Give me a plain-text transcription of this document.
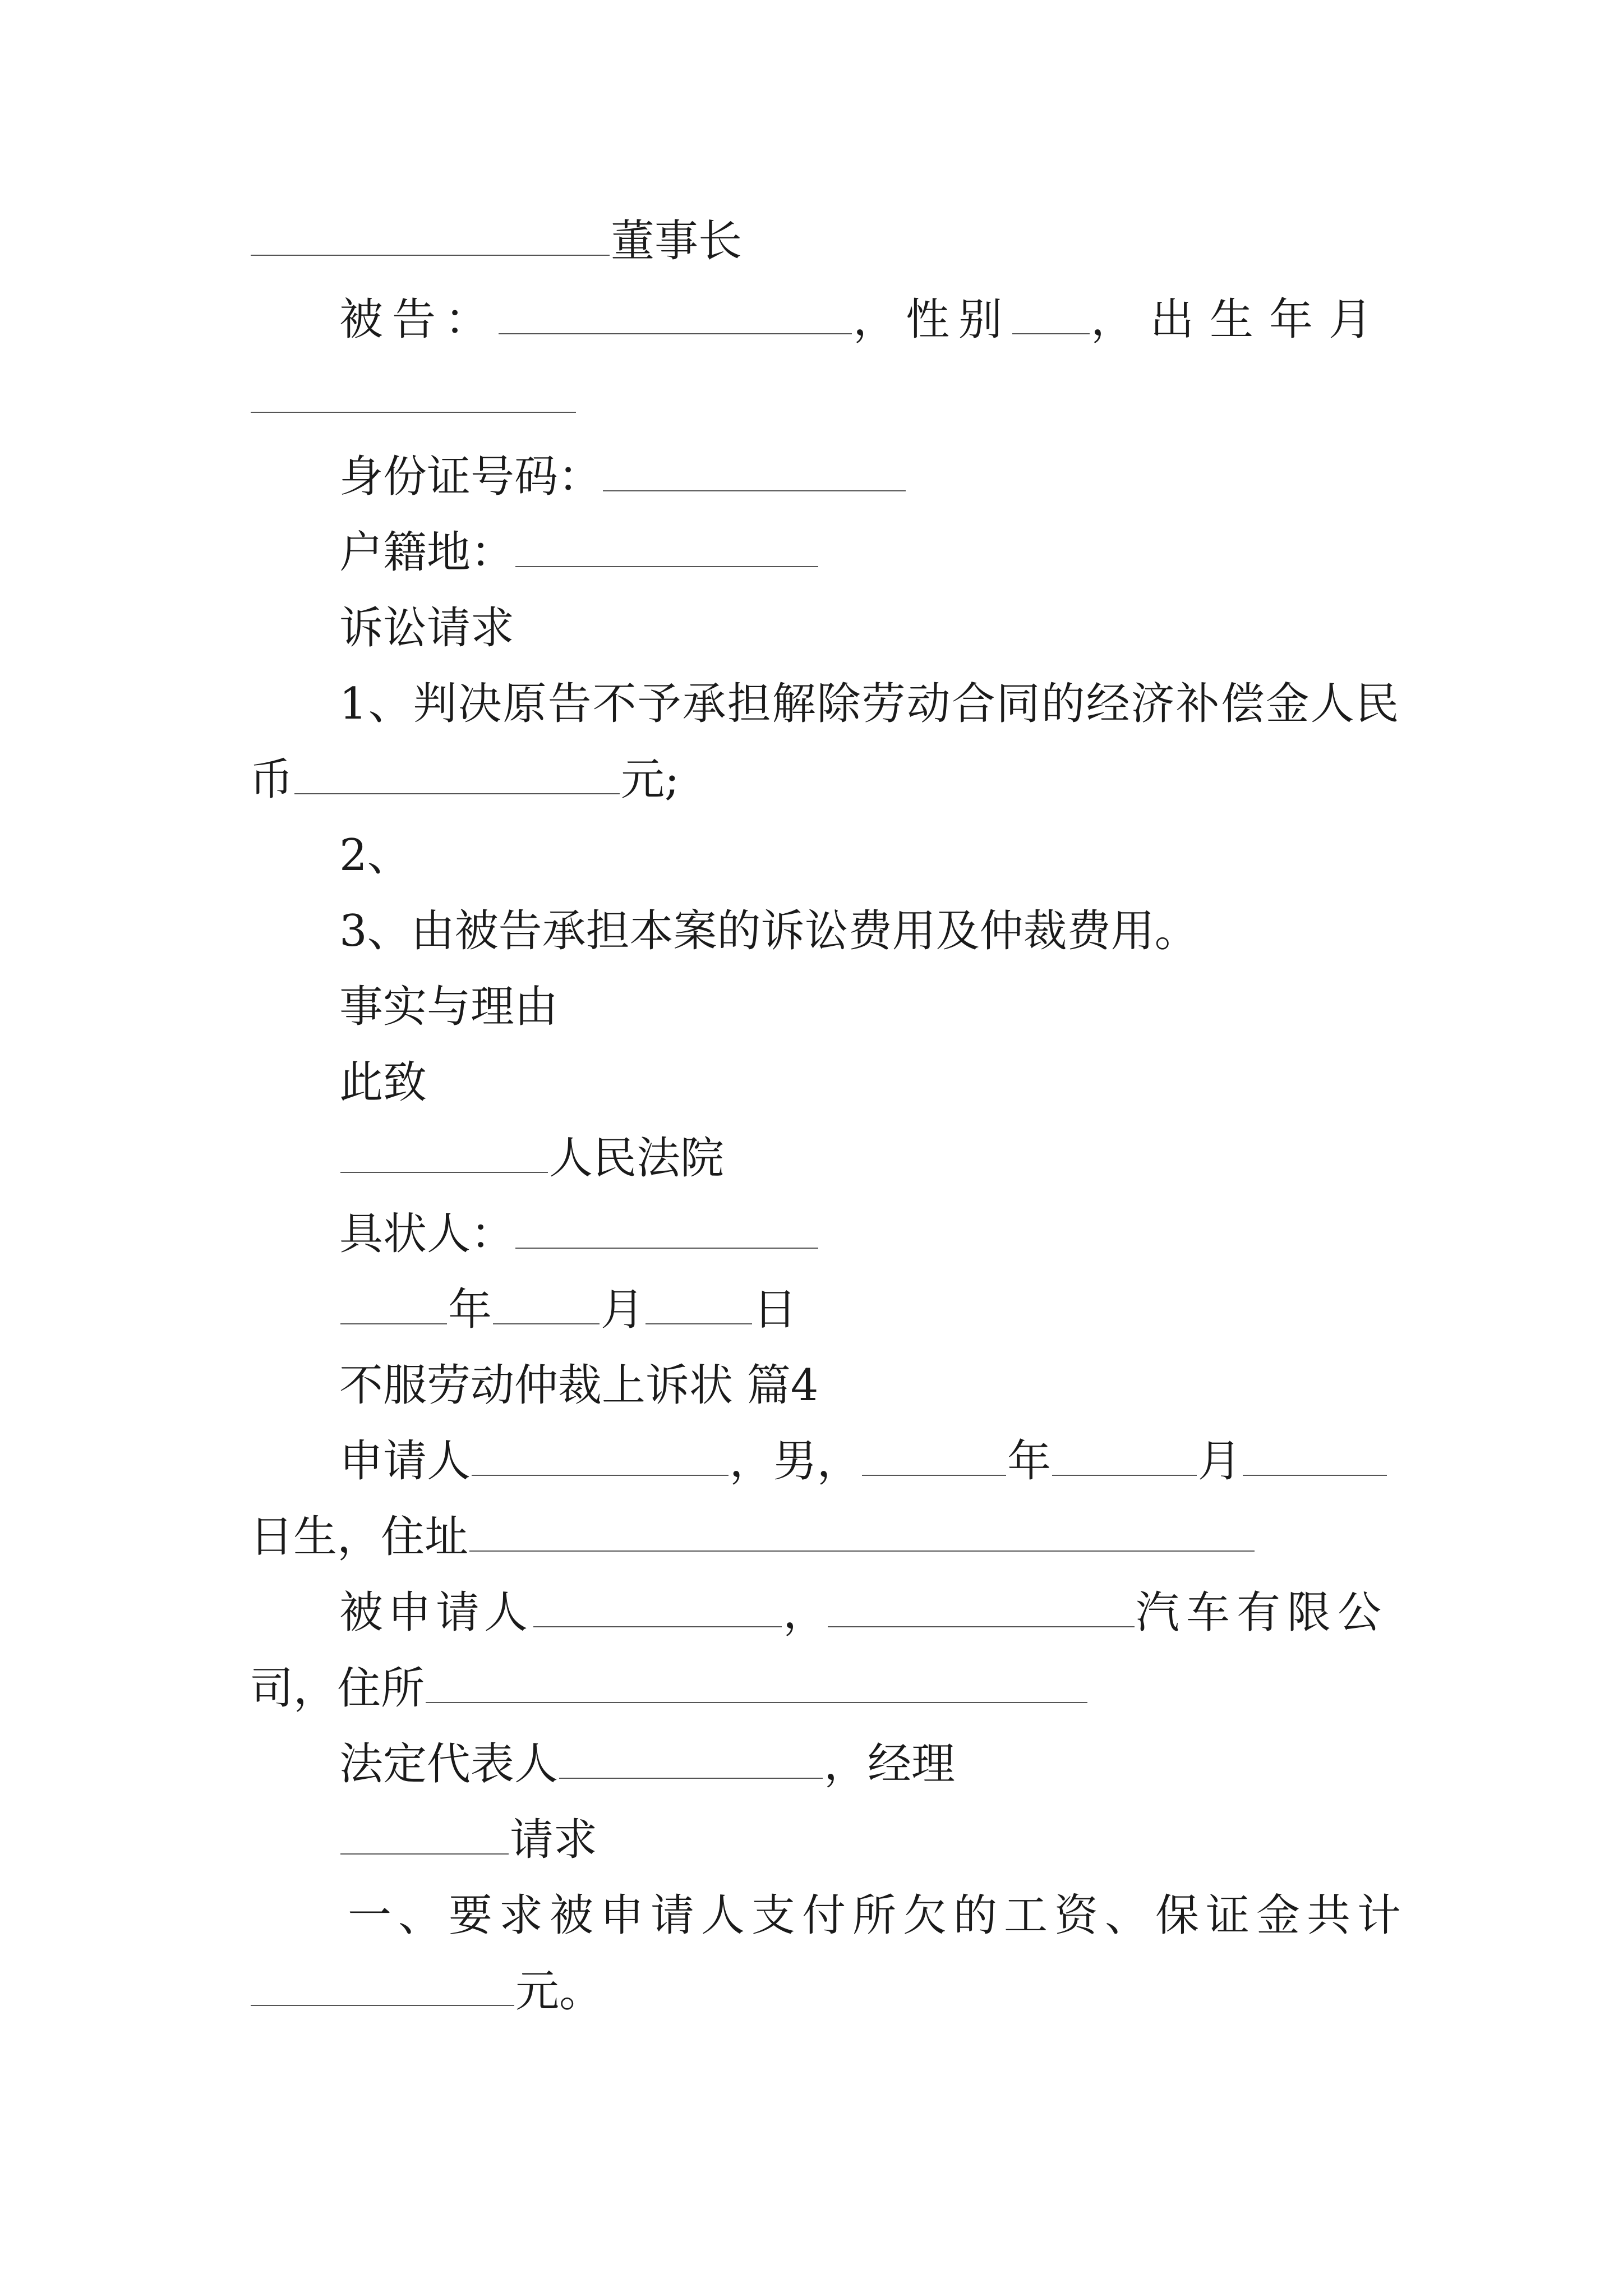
董事长
被告：	，性别 ，出生年月
身份证号码：
户籍地：
诉讼请求
1、判决原告不予承担解除劳动合同的经济补偿金人民
币	元;
2、
3、由被告承担本案的诉讼费用及仲裁费用。
事实与理由
此致
人民法院
具状人：
年 月 日
不服劳动仲裁上诉状 篇4
申请人	，男，	年	月
日生，住址
被申请人	，	汽车有限公
司，住所
法定代表人	，经理
请求
一、要求被申请人支付所欠的工资、保证金共计
元。
